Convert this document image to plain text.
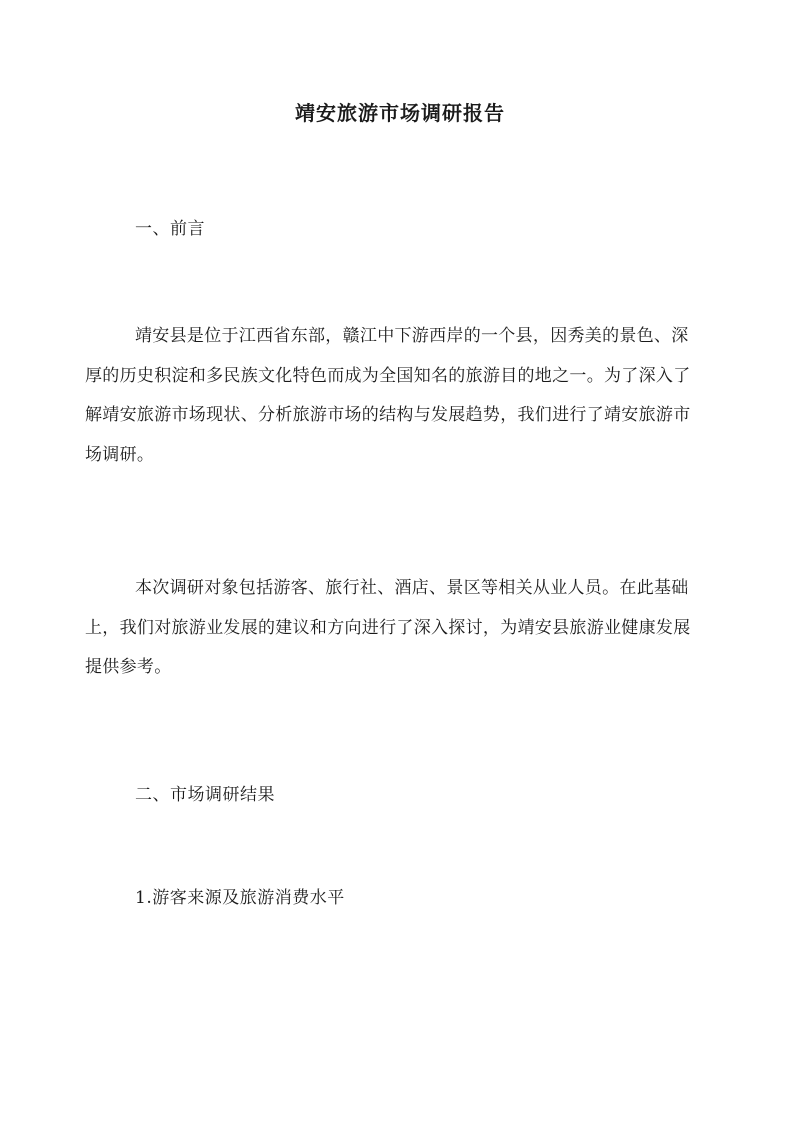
靖安旅游市场调研报告
一、前言
靖安县是位于江西省东部，赣江中下游西岸的一个县，因秀美的景色、深厚的历史积淀和多民族文化特色而成为全国知名的旅游目的地之一。为了深入了解靖安旅游市场现状、分析旅游市场的结构与发展趋势，我们进行了靖安旅游市场调研。
本次调研对象包括游客、旅行社、酒店、景区等相关从业人员。在此基础上，我们对旅游业发展的建议和方向进行了深入探讨，为靖安县旅游业健康发展提供参考。
二、市场调研结果
1.游客来源及旅游消费水平
